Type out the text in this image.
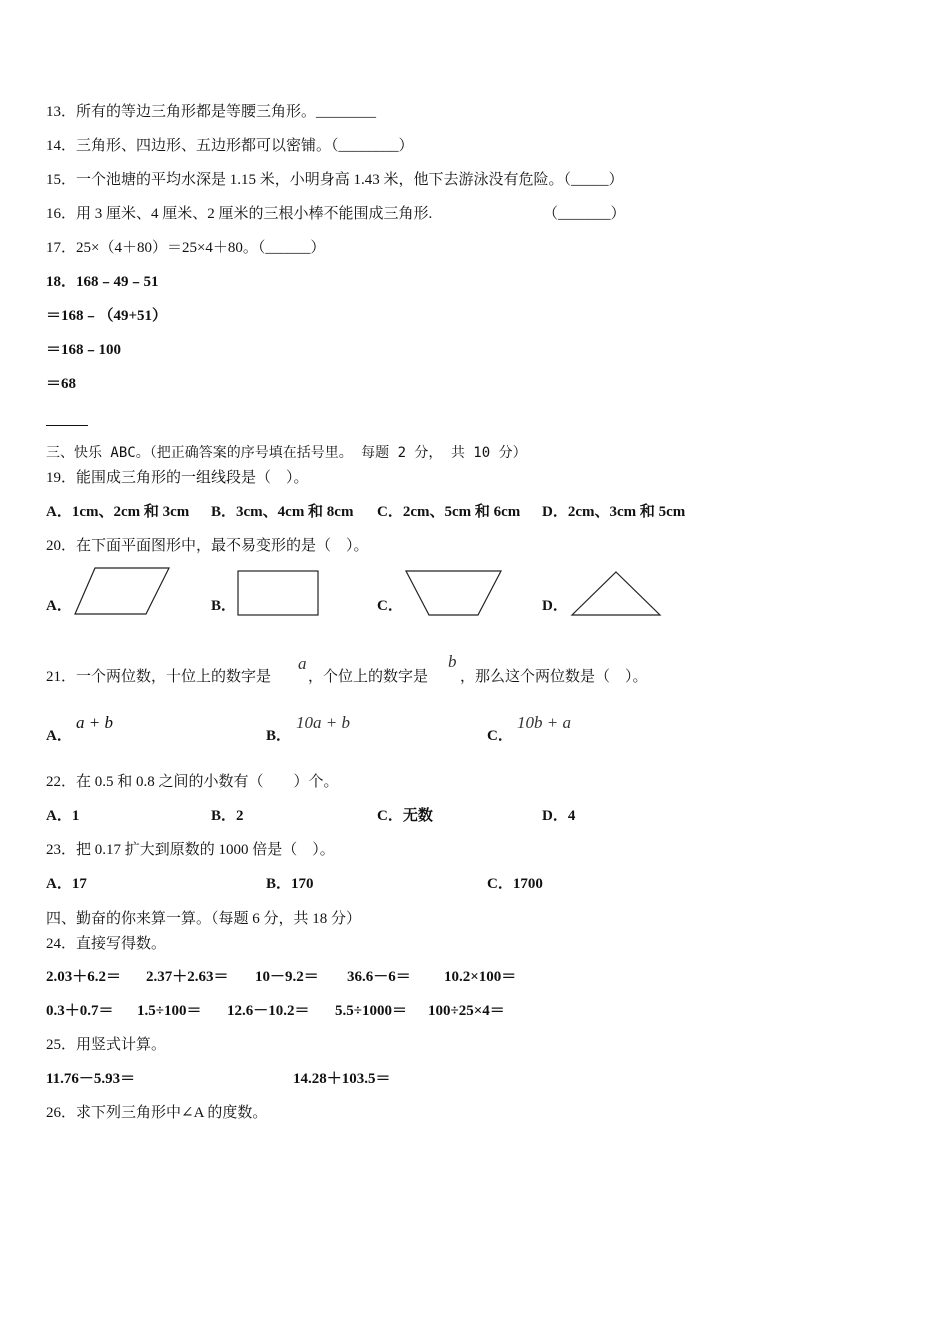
13．所有的等边三角形都是等腰三角形。________
14．三角形、四边形、五边形都可以密铺。（________）
15．一个池塘的平均水深是 1.15 米，小明身高 1.43 米，他下去游泳没有危险。（_____）
16．用 3 厘米、4 厘米、2 厘米的三根小棒不能围成三角形.	（_______）
17．25×（4＋80）＝25×4＋80。（______）
18．168﹣49﹣51
＝168﹣（49+51）
＝168﹣100
＝68
三、快乐 ABC。（把正确答案的序号填在括号里。 每题 2 分， 共 10 分）
19．能围成三角形的一组线段是（　）。
A．1cm、2cm 和 3cm B．3cm、4cm 和 8cm C．2cm、5cm 和 6cm D．2cm、3cm 和 5cm
20．在下面平面图形中，最不易变形的是（　）。
A．	B．	C．	D．
21．一个两位数，十位上的数字是
a
，个位上的数字是
b
，那么这个两位数是（　）。
A．
a + b
B．
10a + b
C．
10b + a
22．在 0.5 和 0.8 之间的小数有（　　）个。
A．1	B．2	C．无数	D．4
23．把 0.17 扩大到原数的 1000 倍是（　）。
A．17	B．170	C．1700
四、勤奋的你来算一算。（每题 6 分，共 18 分）
24．直接写得数。
2.03＋6.2＝ 2.37＋2.63＝ 10－9.2＝ 36.6－6＝ 10.2×100＝
0.3＋0.7＝ 1.5÷100＝ 12.6－10.2＝ 5.5÷1000＝ 100÷25×4＝
25．用竖式计算。
11.76－5.93＝	14.28＋103.5＝
26．求下列三角形中∠A 的度数。
